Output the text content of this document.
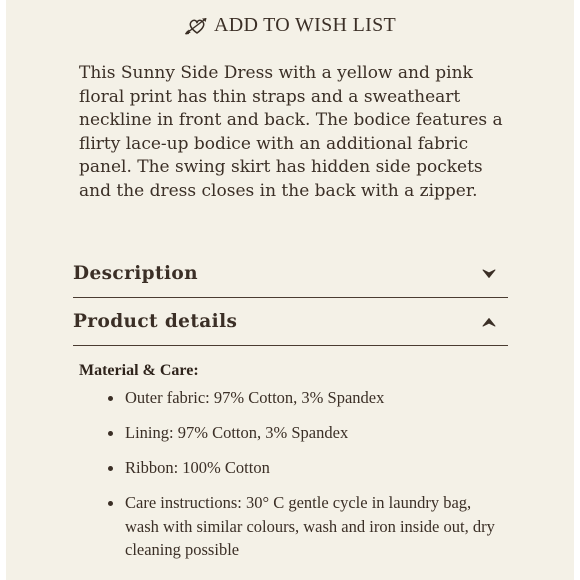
ADD TO WISH LIST

This Sunny Side Dress with a yellow and pink floral print has thin straps and a sweatheart neckline in front and back. The bodice features a flirty lace-up bodice with an additional fabric panel. The swing skirt has hidden side pockets and the dress closes in the back with a zipper.

Description
Product details

Material & Care:

Outer fabric: 97% Cotton, 3% Spandex
Lining: 97% Cotton, 3% Spandex
Ribbon: 100% Cotton
Care instructions: 30° C gentle cycle in laundry bag, wash with similar colours, wash and iron inside out, dry cleaning possible
